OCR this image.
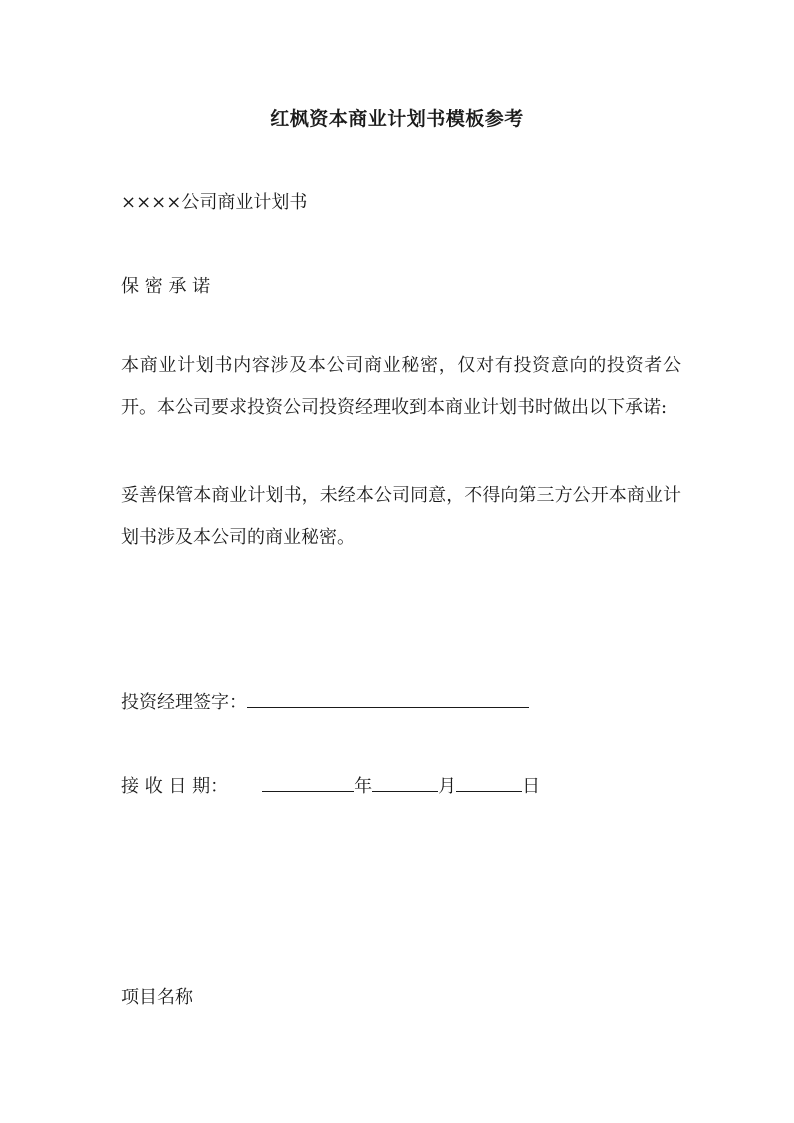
红枫资本商业计划书模板参考
××××公司商业计划书
保 密 承 诺
本商业计划书内容涉及本公司商业秘密，仅对有投资意向的投资者公开。本公司要求投资公司投资经理收到本商业计划书时做出以下承诺:
妥善保管本商业计划书，未经本公司同意，不得向第三方公开本商业计划书涉及本公司的商业秘密。
投资经理签字：
接 收 日 期：	年	月	日
项目名称
